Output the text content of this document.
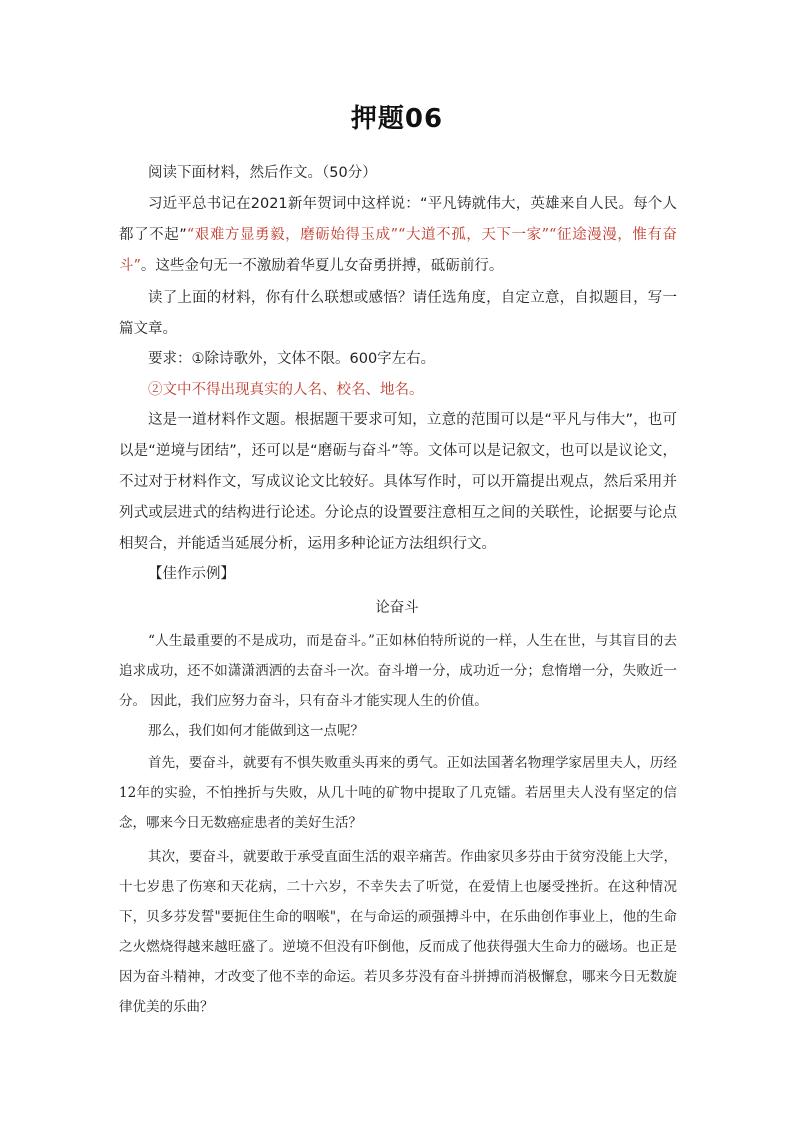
押题06
阅读下面材料，然后作文。（50分）
习近平总书记在2021新年贺词中这样说：“平凡铸就伟大，英雄来自人民。每个人都了不起”“艰难方显勇毅，磨砺始得玉成”“大道不孤，天下一家”“征途漫漫，惟有奋斗”。这些金句无一不激励着华夏儿女奋勇拼搏，砥砺前行。
读了上面的材料，你有什么联想或感悟？请任选角度，自定立意，自拟题目，写一篇文章。
要求：①除诗歌外，文体不限。600字左右。
②文中不得出现真实的人名、校名、地名。
这是一道材料作文题。根据题干要求可知，立意的范围可以是“平凡与伟大”，也可以是“逆境与团结”，还可以是“磨砺与奋斗”等。文体可以是记叙文，也可以是议论文，不过对于材料作文，写成议论文比较好。具体写作时，可以开篇提出观点，然后采用并列式或层进式的结构进行论述。分论点的设置要注意相互之间的关联性，论据要与论点相契合，并能适当延展分析，运用多种论证方法组织行文。
【佳作示例】
论奋斗
“人生最重要的不是成功，而是奋斗。”正如林伯特所说的一样，人生在世，与其盲目的去追求成功，还不如潇潇洒洒的去奋斗一次。奋斗增一分，成功近一分；怠惰增一分，失败近一分。 因此，我们应努力奋斗，只有奋斗才能实现人生的价值。
那么，我们如何才能做到这一点呢？
首先，要奋斗，就要有不惧失败重头再来的勇气。正如法国著名物理学家居里夫人，历经12年的实验，不怕挫折与失败，从几十吨的矿物中提取了几克镭。若居里夫人没有坚定的信念，哪来今日无数癌症患者的美好生活？
其次，要奋斗，就要敢于承受直面生活的艰辛痛苦。作曲家贝多芬由于贫穷没能上大学，十七岁患了伤寒和天花病，二十六岁，不幸失去了听觉，在爱情上也屡受挫折。在这种情况下，贝多芬发誓"要扼住生命的咽喉"，在与命运的顽强搏斗中，在乐曲创作事业上，他的生命之火燃烧得越来越旺盛了。逆境不但没有吓倒他，反而成了他获得强大生命力的磁场。也正是因为奋斗精神，才改变了他不幸的命运。若贝多芬没有奋斗拼搏而消极懈怠，哪来今日无数旋律优美的乐曲？
